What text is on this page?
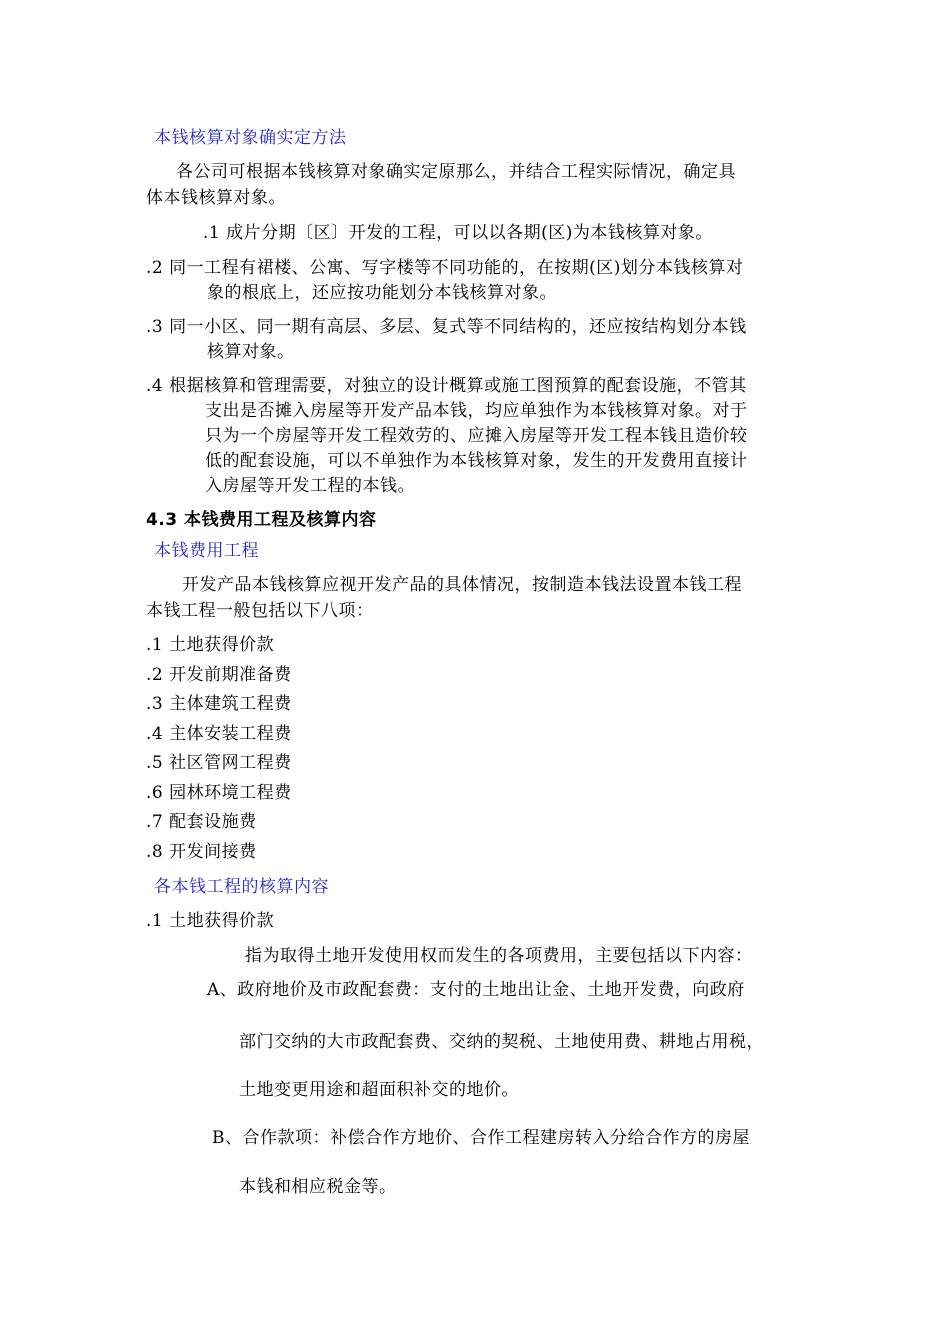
本钱核算对象确实定方法
各公司可根据本钱核算对象确实定原那么，并结合工程实际情况，确定具
体本钱核算对象。
.1 成片分期〔区〕开发的工程，可以以各期(区)为本钱核算对象。
.2 同一工程有裙楼、公寓、写字楼等不同功能的，在按期(区)划分本钱核算对
象的根底上，还应按功能划分本钱核算对象。
.3 同一小区、同一期有高层、多层、复式等不同结构的，还应按结构划分本钱
核算对象。
.4 根据核算和管理需要，对独立的设计概算或施工图预算的配套设施，不管其
支出是否摊入房屋等开发产品本钱，均应单独作为本钱核算对象。对于
只为一个房屋等开发工程效劳的、应摊入房屋等开发工程本钱且造价较
低的配套设施，可以不单独作为本钱核算对象，发生的开发费用直接计
入房屋等开发工程的本钱。
4.3 本钱费用工程及核算内容
本钱费用工程
开发产品本钱核算应视开发产品的具体情况，按制造本钱法设置本钱工程
本钱工程一般包括以下八项：
.1 土地获得价款
.2 开发前期准备费
.3 主体建筑工程费
.4 主体安装工程费
.5 社区管网工程费
.6 园林环境工程费
.7 配套设施费
.8 开发间接费
各本钱工程的核算内容
.1 土地获得价款
指为取得土地开发使用权而发生的各项费用，主要包括以下内容：
A、政府地价及市政配套费：支付的土地出让金、土地开发费，向政府
部门交纳的大市政配套费、交纳的契税、土地使用费、耕地占用税，
土地变更用途和超面积补交的地价。
B、合作款项：补偿合作方地价、合作工程建房转入分给合作方的房屋
本钱和相应税金等。
